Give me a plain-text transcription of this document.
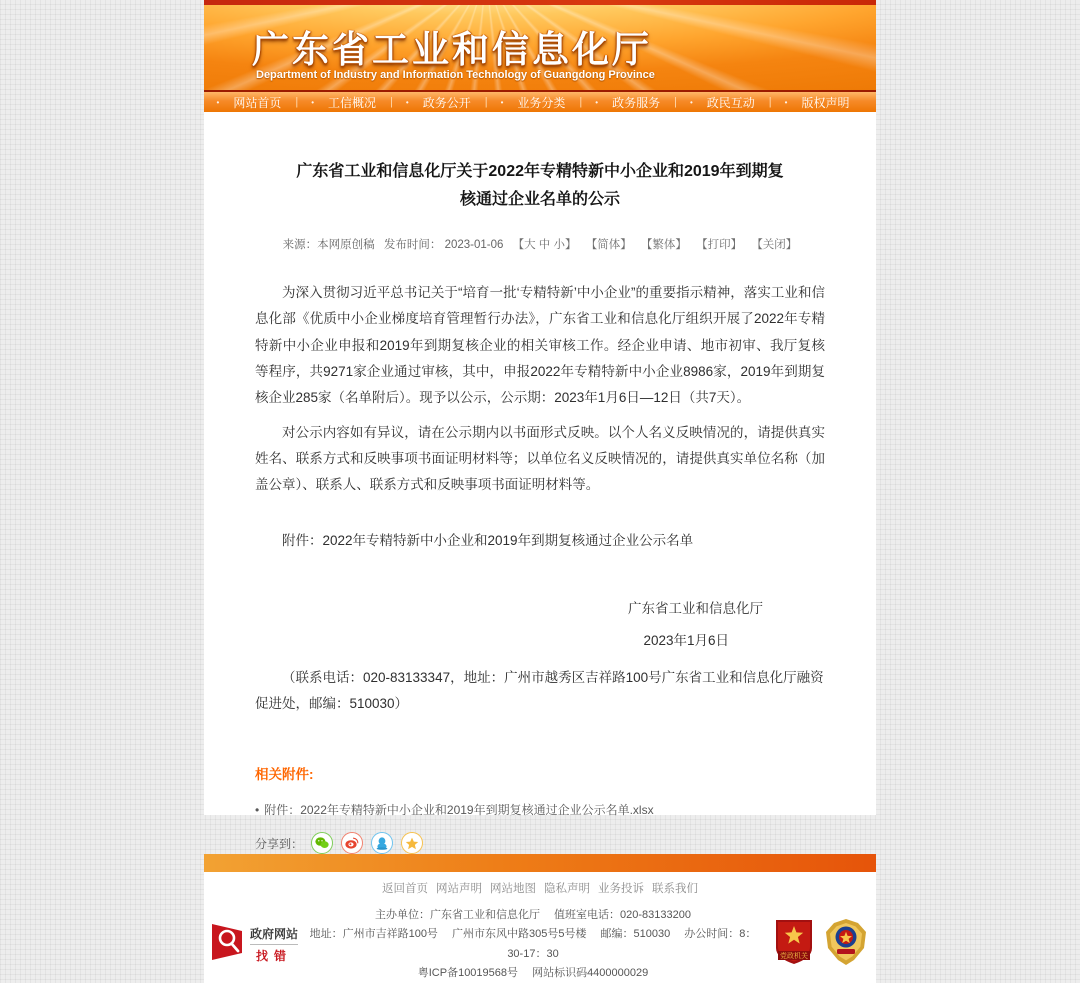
广东省工业和信息化厅
Department of Industry and Information Technology of Guangdong Province
• 网站首页 |	• 工信概况 |	• 政务公开 |	• 业务分类 |	• 政务服务 |	• 政民互动 |	• 版权声明
广东省工业和信息化厅关于2022年专精特新中小企业和2019年到期复核通过企业名单的公示
来源：本网原创稿 发布时间： 2023-01-06 【大 中 小】 【简体】 【繁体】 【打印】 【关闭】

为深入贯彻习近平总书记关于“培育一批‘专精特新’中小企业”的重要指示精神，落实工业和信息化部《优质中小企业梯度培育管理暂行办法》，广东省工业和信息化厅组织开展了2022年专精特新中小企业申报和2019年到期复核企业的相关审核工作。经企业申请、地市初审、我厅复核等程序，共9271家企业通过审核，其中，申报2022年专精特新中小企业8986家，2019年到期复核企业285家（名单附后）。现予以公示，公示期：2023年1月6日—12日（共7天）。

对公示内容如有异议，请在公示期内以书面形式反映。以个人名义反映情况的，请提供真实姓名、联系方式和反映事项书面证明材料等；以单位名义反映情况的，请提供真实单位名称（加盖公章）、联系人、联系方式和反映事项书面证明材料等。

附件：2022年专精特新中小企业和2019年到期复核通过企业公示名单
广东省工业和信息化厅
2023年1月6日
（联系电话：020-83133347，地址：广州市越秀区吉祥路100号广东省工业和信息化厅融资促进处，邮编：510030）
相关附件:
• 附件：2022年专精特新中小企业和2019年到期复核通过企业公示名单.xlsx
分享到：
返回首页 网站声明 网站地图 隐私声明 业务投诉 联系我们
政府网站
找错
主办单位：广东省工业和信息化厅　 值班室电话：020-83133200
地址：广州市吉祥路100号　 广州市东风中路305号5号楼　 邮编：510030　 办公时间：8：30-17：30
粤ICP备10019568号　 网站标识码4400000029
党政机关
